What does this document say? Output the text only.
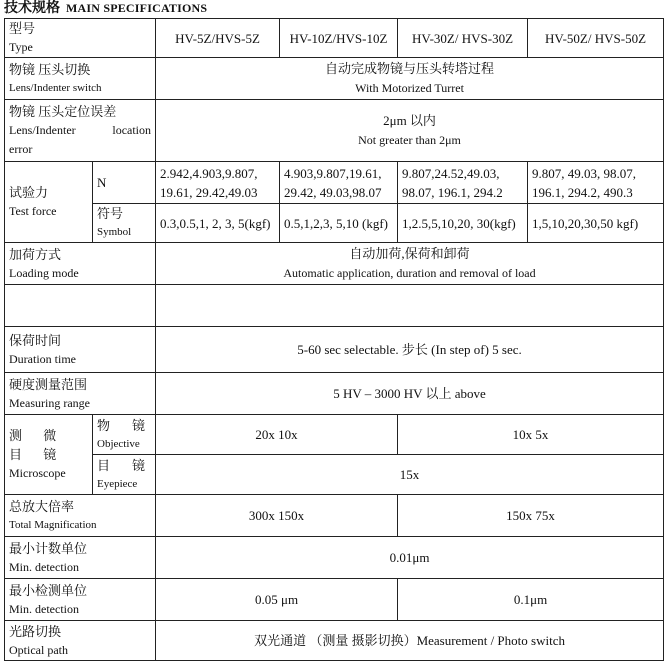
技术规格 MAIN SPECIFICATIONS
型号
Type		HV-5Z/HVS-5Z	HV-10Z/HVS-10Z	HV-30Z/ HVS-30Z	HV-50Z/ HVS-50Z

物镜 压头切换
Lens/Indenter switch		自动完成物镜与压头转塔过程
With Motorized Turret			

物镜 压头定位误差
Lens/Indenter location
error		2μm 以内
Not greater than 2μm			

试验力
Test force	N	2.942,4.903,9.807, 19.61, 29.42,49.03	4.903,9.807,19.61, 29.42, 49.03,98.07	9.807,24.52,49.03, 98.07, 196.1, 294.2	9.807, 49.03, 98.07, 196.1, 294.2, 490.3

	符号
Symbol	0.3,0.5,1, 2, 3, 5(kgf)	0.5,1,2,3, 5,10 (kgf)	1,2.5,5,10,20, 30(kgf)	1,5,10,20,30,50 kgf)

加荷方式
Loading mode		自动加荷,保荷和卸荷
Automatic application, duration and removal of load			

保荷时间
Duration time		5-60 sec selectable. 步长 (In step of) 5 sec.			

硬度测量范围
Measuring range		5 HV – 3000 HV 以上 above			

测 微 目 镜
Microscope	物 镜
Objective	20x 10x		10x 5x	

	目 镜
Eyepiece	15x			

总放大倍率
Total Magnification		300x 150x		150x 75x	

最小计数单位
Min. detection		0.01μm			

最小检测单位
Min. detection		0.05 μm		0.1μm	

光路切换
Optical path		双光通道 （测量 摄影切换）Measurement / Photo switch			
